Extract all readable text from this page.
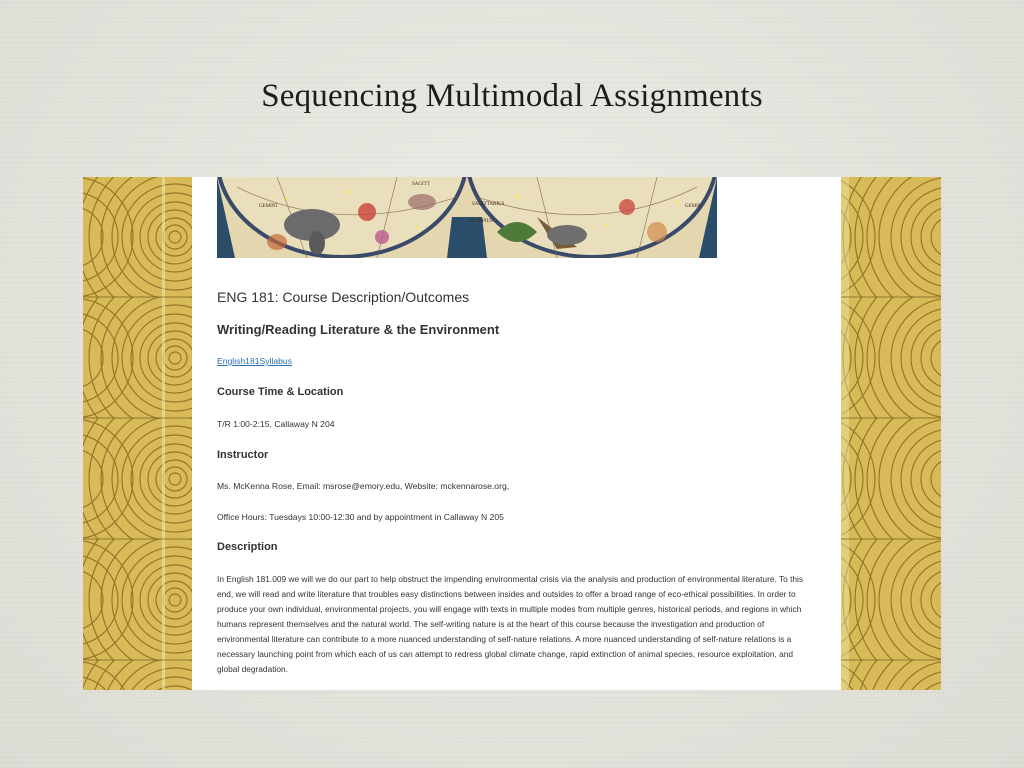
Sequencing Multimodal Assignments
GEMINI	SAGITTARIUS
SCORPIUS
SAGITT
GEMIN
ENG 181: Course Description/Outcomes
Writing/Reading Literature & the Environment
English181Syllabus
Course Time & Location
T/R 1:00-2:15, Callaway N 204
Instructor
Ms. McKenna Rose, Email: msrose@emory.edu, Website: mckennarose.org,
Office Hours: Tuesdays 10:00-12:30 and by appointment in Callaway N 205
Description
In English 181.009 we will we do our part to help obstruct the impending environmental crisis via the analysis and production of environmental literature. To this end, we will read and write literature that troubles easy distinctions between insides and outsides to offer a broad range of eco-ethical possibilities. In order to produce your own individual, environmental projects, you will engage with texts in multiple modes from multiple genres, historical periods, and regions in which humans represent themselves and the natural world. The self-writing nature is at the heart of this course because the investigation and production of environmental literature can contribute to a more nuanced understanding of self-nature relations. A more nuanced understanding of self-nature relations is a necessary launching point from which each of us can attempt to redress global climate change, rapid extinction of animal species, resource exploitation, and global degradation.
